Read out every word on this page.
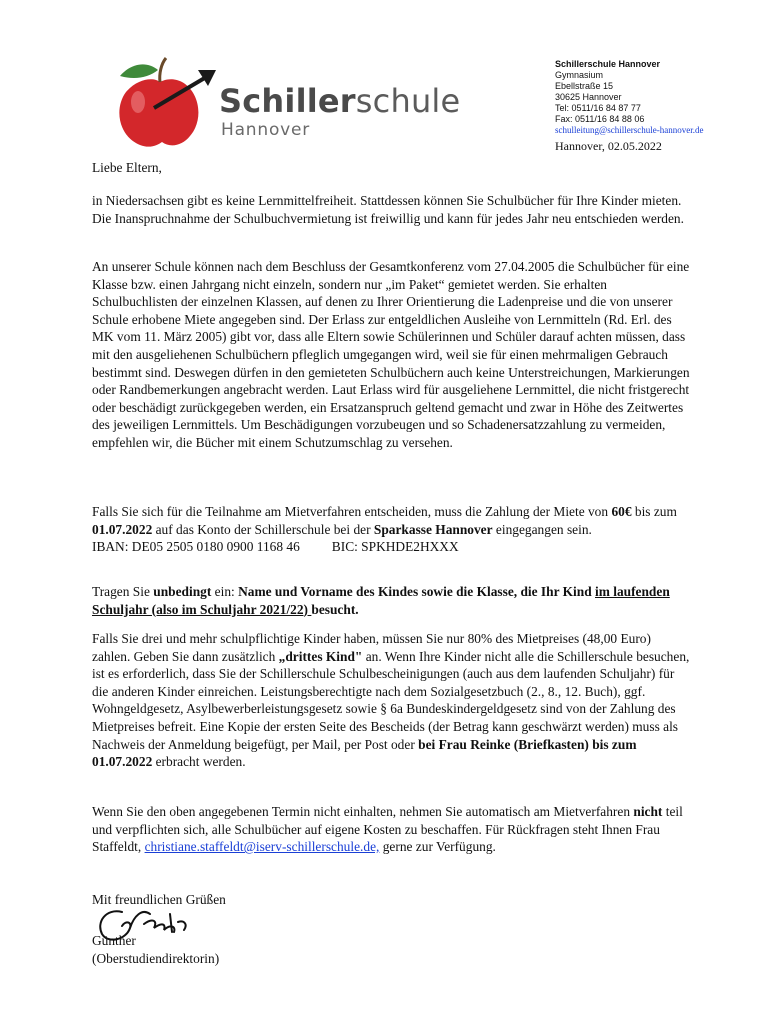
Schillerschule
Hannover
Schillerschule Hannover
Gymnasium
Ebellstraße 15
30625 Hannover
Tel: 0511/16 84 87 77
Fax: 0511/16 84 88 06
schulleitung@schillerschule-hannover.de
Hannover, 02.05.2022
Liebe Eltern,

in Niedersachsen gibt es keine Lernmittelfreiheit. Stattdessen können Sie Schulbücher für Ihre Kinder mieten. Die Inanspruchnahme der Schulbuchvermietung ist freiwillig und kann für jedes Jahr neu entschieden werden.

An unserer Schule können nach dem Beschluss der Gesamtkonferenz vom 27.04.2005 die Schulbücher für eine Klasse bzw. einen Jahrgang nicht einzeln, sondern nur „im Paket“ gemietet werden. Sie erhalten Schulbuchlisten der einzelnen Klassen, auf denen zu Ihrer Orientierung die Ladenpreise und die von unserer Schule erhobene Miete angegeben sind. Der Erlass zur entgeldlichen Ausleihe von Lernmitteln (Rd. Erl. des MK vom 11. März 2005) gibt vor, dass alle Eltern sowie Schülerinnen und Schüler darauf achten müssen, dass mit den ausgeliehenen Schulbüchern pfleglich umgegangen wird, weil sie für einen mehrmaligen Gebrauch bestimmt sind. Deswegen dürfen in den gemieteten Schulbüchern auch keine Unterstreichungen, Markierungen oder Randbemerkungen angebracht werden. Laut Erlass wird für ausgeliehene Lernmittel, die nicht fristgerecht oder beschädigt zurückgegeben werden, ein Ersatzanspruch geltend gemacht und zwar in Höhe des Zeitwertes des jeweiligen Lernmittels. Um Beschädigungen vorzubeugen und so Schadenersatzzahlung zu vermeiden, empfehlen wir, die Bücher mit einem Schutzumschlag zu versehen.

Falls Sie sich für die Teilnahme am Mietverfahren entscheiden, muss die Zahlung der Miete von 60€ bis zum 01.07.2022 auf das Konto der Schillerschule bei der Sparkasse Hannover eingegangen sein.

IBAN: DE05 2505 0180 0900 1168 46 BIC: SPKHDE2HXXX

Tragen Sie unbedingt ein: Name und Vorname des Kindes sowie die Klasse, die Ihr Kind im laufenden Schuljahr (also im Schuljahr 2021/22) besucht.

Falls Sie drei und mehr schulpflichtige Kinder haben, müssen Sie nur 80% des Mietpreises (48,00 Euro) zahlen. Geben Sie dann zusätzlich „drittes Kind" an. Wenn Ihre Kinder nicht alle die Schillerschule besuchen, ist es erforderlich, dass Sie der Schillerschule Schulbescheinigungen (auch aus dem laufenden Schuljahr) für die anderen Kinder einreichen. Leistungsberechtigte nach dem Sozialgesetzbuch (2., 8., 12. Buch), ggf. Wohngeldgesetz, Asylbewerberleistungsgesetz sowie § 6a Bundeskindergeldgesetz sind von der Zahlung des Mietpreises befreit. Eine Kopie der ersten Seite des Bescheids (der Betrag kann geschwärzt werden) muss als Nachweis der Anmeldung beigefügt, per Mail, per Post oder bei Frau Reinke (Briefkasten) bis zum 01.07.2022 erbracht werden.

Wenn Sie den oben angegebenen Termin nicht einhalten, nehmen Sie automatisch am Mietverfahren nicht teil und verpflichten sich, alle Schulbücher auf eigene Kosten zu beschaffen. Für Rückfragen steht Ihnen Frau Staffeldt, christiane.staffeldt@iserv-schillerschule.de, gerne zur Verfügung.

Mit freundlichen Grüßen
Günther
(Oberstudiendirektorin)
